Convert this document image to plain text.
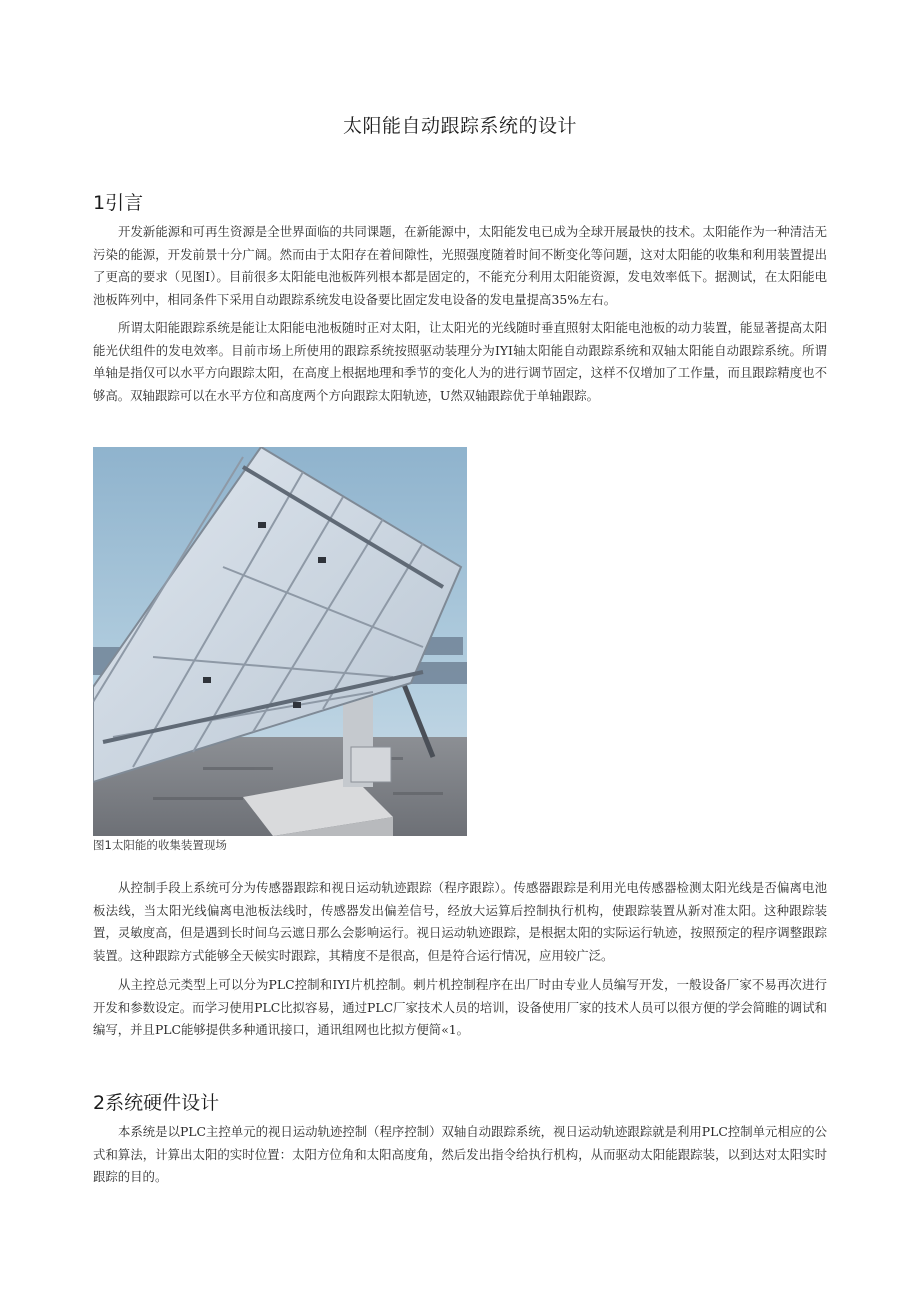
太阳能自动跟踪系统的设计
1引言

开发新能源和可再生资源是全世界面临的共同课题，在新能源中，太阳能发电已成为全球开展最快的技术。太阳能作为一种清洁无污染的能源，开发前景十分广阔。然而由于太阳存在着间隙性，光照强度随着时间不断变化等问题，这对太阳能的收集和利用装置提出了更高的要求（见图I）。目前很多太阳能电池板阵列根本都是固定的，不能充分利用太阳能资源，发电效率低下。据测试，在太阳能电池板阵列中，相同条件下采用自动跟踪系统发电设备要比固定发电设备的发电量提高35%左右。

所谓太阳能跟踪系统是能让太阳能电池板随时正对太阳，让太阳光的光线随时垂直照射太阳能电池板的动力装置，能显著提高太阳能光伏组件的发电效率。目前市场上所使用的跟踪系统按照驱动装理分为IYI轴太阳能自动跟踪系统和双轴太阳能自动跟踪系统。所谓单轴是指仅可以水平方向跟踪太阳，在高度上根据地理和季节的变化人为的进行调节固定，这样不仅增加了工作量，而且跟踪精度也不够高。双轴跟踪可以在水平方位和高度两个方向跟踪太阳轨迹，U然双轴跟踪优于单轴跟踪。

图1太阳能的收集装置现场

从控制手段上系统可分为传感器跟踪和视日运动轨迹跟踪（程序跟踪）。传感器跟踪是利用光电传感器检测太阳光线是否偏离电池板法线，当太阳光线偏离电池板法线时，传感器发出偏差信号，经放大运算后控制执行机构，使跟踪装置从新对准太阳。这种跟踪装置，灵敏度高，但是遇到长时间乌云遮日那么会影响运行。视日运动轨迹跟踪，是根据太阳的实际运行轨迹，按照预定的程序调整跟踪装置。这种跟踪方式能够全天候实时跟踪，其精度不是很高，但是符合运行情况，应用较广泛。

从主控总元类型上可以分为PLC控制和IYI片机控制。剌片机控制程序在出厂时由专业人员编写开发，一般设备厂家不易再次进行开发和参数设定。而学习使用PLC比拟容易，通过PLC厂家技术人员的培训，设备使用厂家的技术人员可以很方便的学会简睢的调试和编写，并且PLC能够提供多种通讯接口，通讯组网也比拟方便简«1。

2系统硬件设计

本系统是以PLC主控单元的视日运动轨迹控制（程序控制）双轴自动跟踪系统，视日运动轨迹跟踪就是利用PLC控制单元相应的公式和算法，计算出太阳的实时位置：太阳方位角和太阳高度角，然后发出指令给执行机构，从而驱动太阳能跟踪装，以到达对太阳实时跟踪的目的。
